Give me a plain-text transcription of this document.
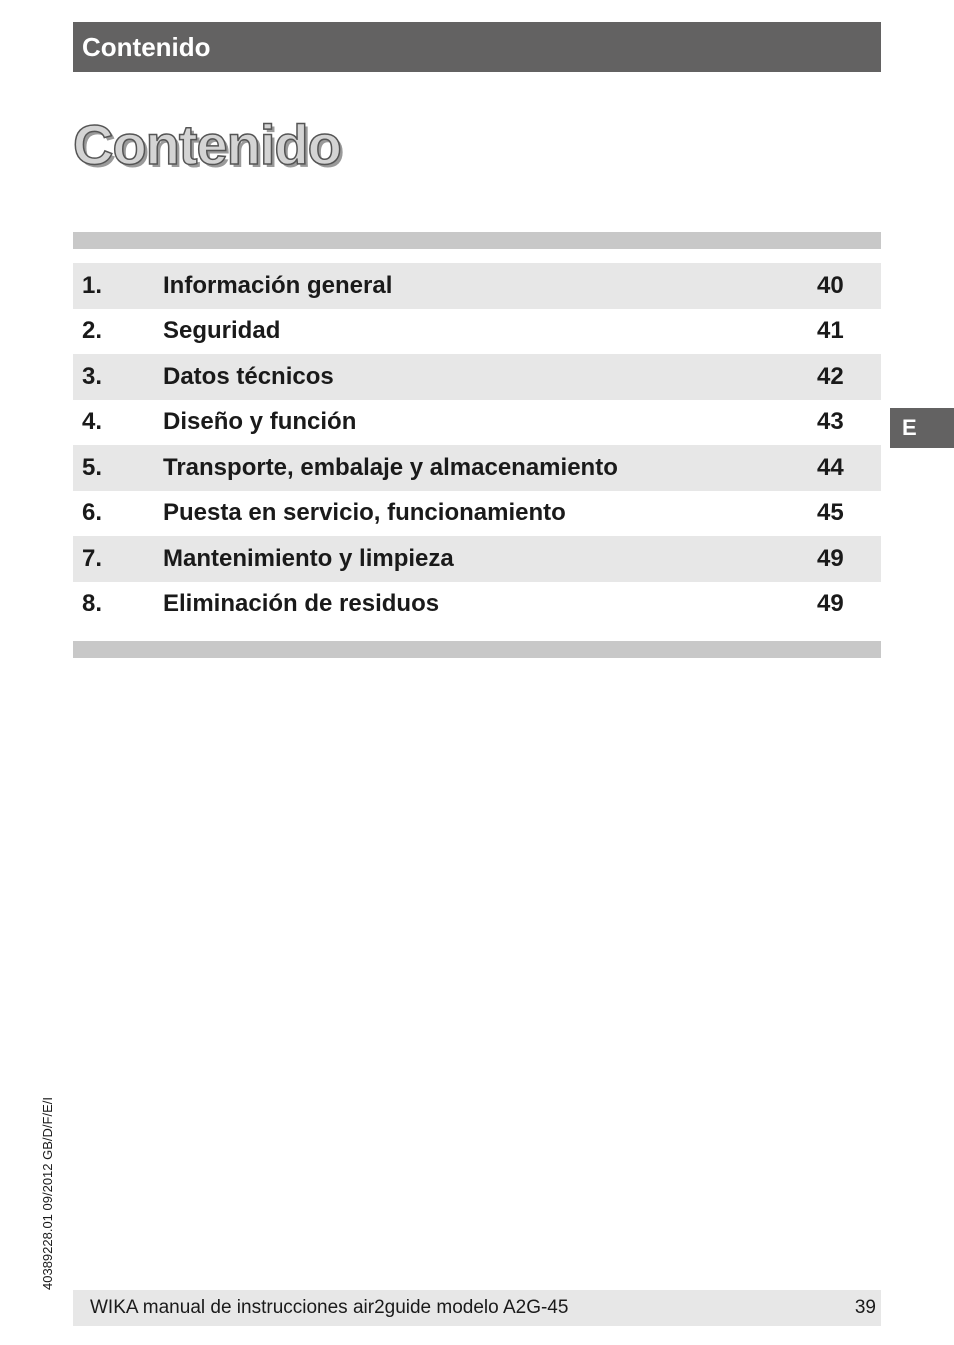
Contenido
Contenido
1.	Información general	40
2.	Seguridad	41
3.	Datos técnicos	42
4.	Diseño y función	43
5.	Transporte, embalaje y almacenamiento	44
6.	Puesta en servicio, funcionamiento	45
7.	Mantenimiento y limpieza	49
8.	Eliminación de residuos	49
E
40389228.01 09/2012 GB/D/F/E/I
WIKA manual de instrucciones air2guide modelo A2G-45	39
